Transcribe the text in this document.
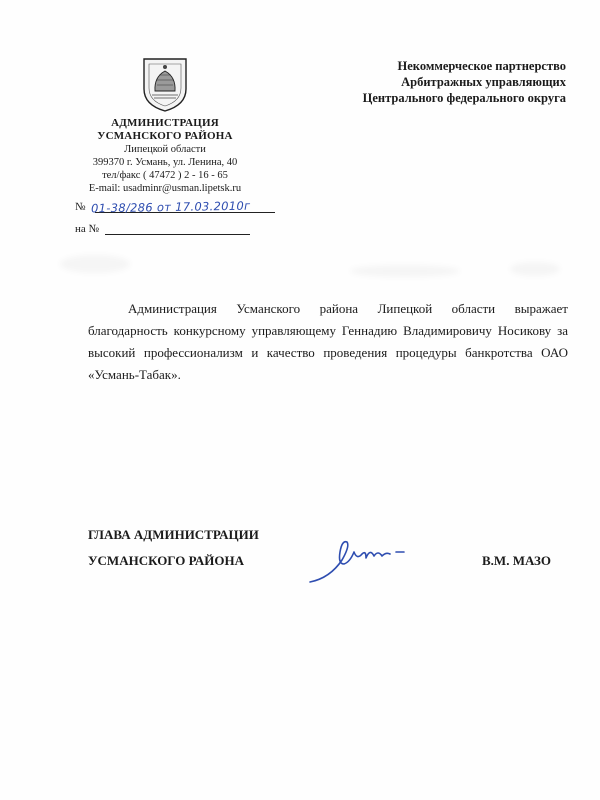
АДМИНИСТРАЦИЯ
УСМАНСКОГО РАЙОНА
Липецкой области
399370 г. Усмань, ул. Ленина, 40
тел/факс ( 47472 ) 2 - 16 - 65
E-mail: usadminr@usman.lipetsk.ru
№ 01-38/286 от 17.03.2010г
на №
Некоммерческое партнерство
Арбитражных управляющих
Центрального федерального округа

Администрация Усманского района Липецкой области выражает благодарность конкурсному управляющему Геннадию Владимировичу Носикову за высокий профессионализм и качество проведения процедуры банкротства ОАО «Усмань-Табак».

ГЛАВА АДМИНИСТРАЦИИ
УСМАНСКОГО РАЙОНА	В.М. МАЗО
